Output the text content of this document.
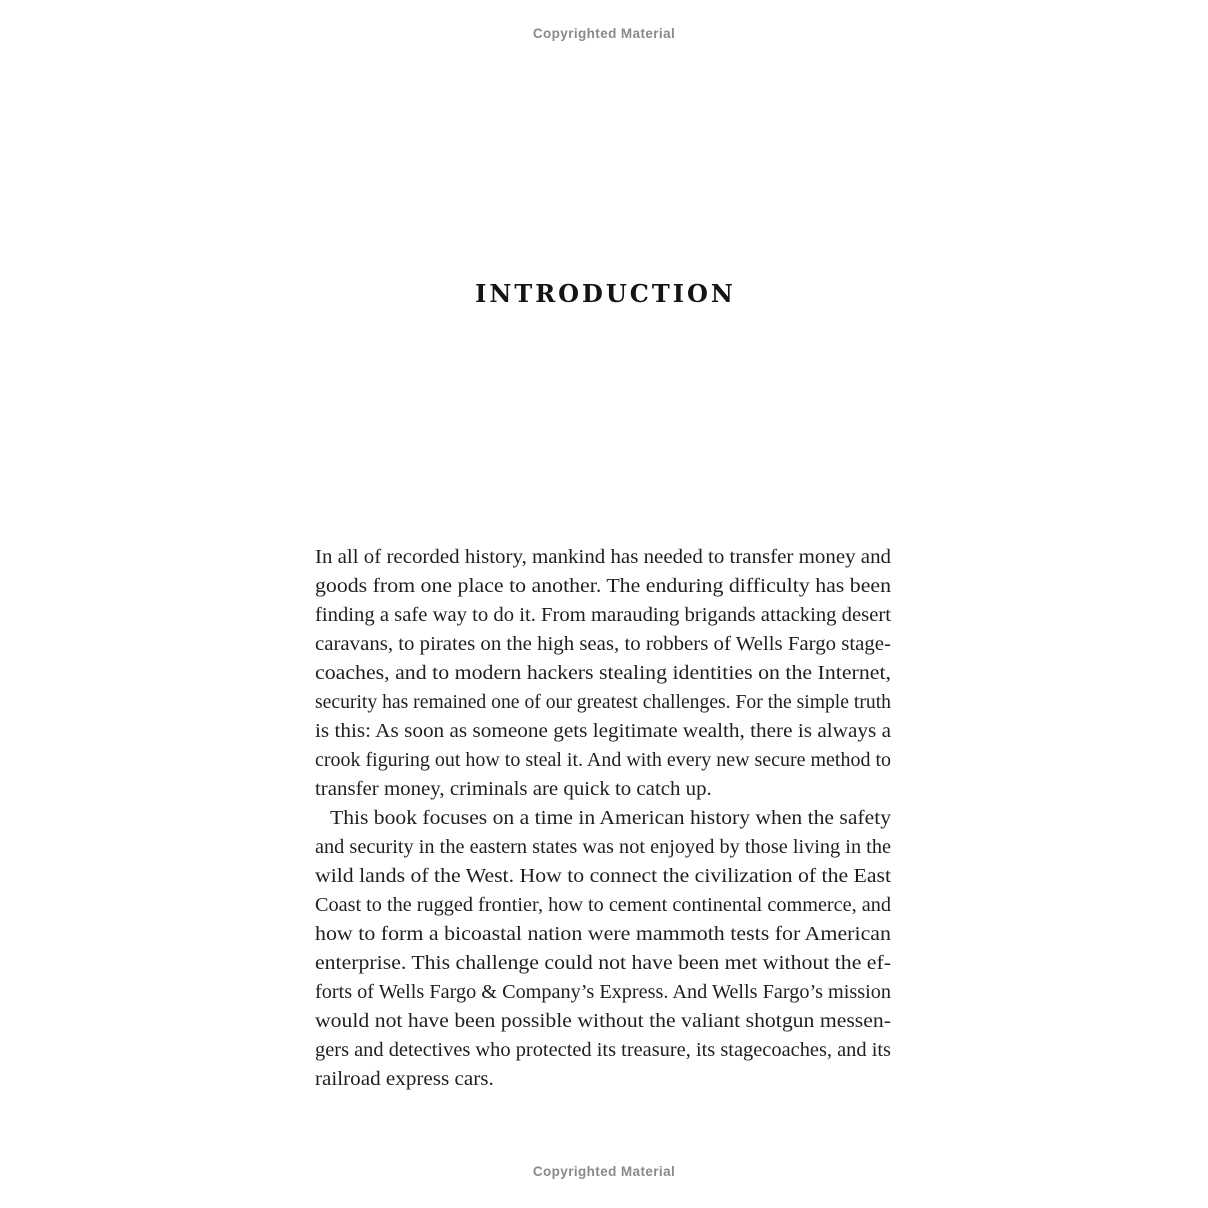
Copyrighted Material
INTRODUCTION
In all of recorded history, mankind has needed to transfer money and
goods from one place to another. The enduring difficulty has been
finding a safe way to do it. From marauding brigands attacking desert
caravans, to pirates on the high seas, to robbers of Wells Fargo stage-
coaches, and to modern hackers stealing identities on the Internet,
security has remained one of our greatest challenges. For the simple truth
is this: As soon as someone gets legitimate wealth, there is always a
crook figuring out how to steal it. And with every new secure method to
transfer money, criminals are quick to catch up.
This book focuses on a time in American history when the safety
and security in the eastern states was not enjoyed by those living in the
wild lands of the West. How to connect the civilization of the East
Coast to the rugged frontier, how to cement continental commerce, and
how to form a bicoastal nation were mammoth tests for American
enterprise. This challenge could not have been met without the ef-
forts of Wells Fargo & Company’s Express. And Wells Fargo’s mission
would not have been possible without the valiant shotgun messen-
gers and detectives who protected its treasure, its stagecoaches, and its
railroad express cars.
Copyrighted Material
